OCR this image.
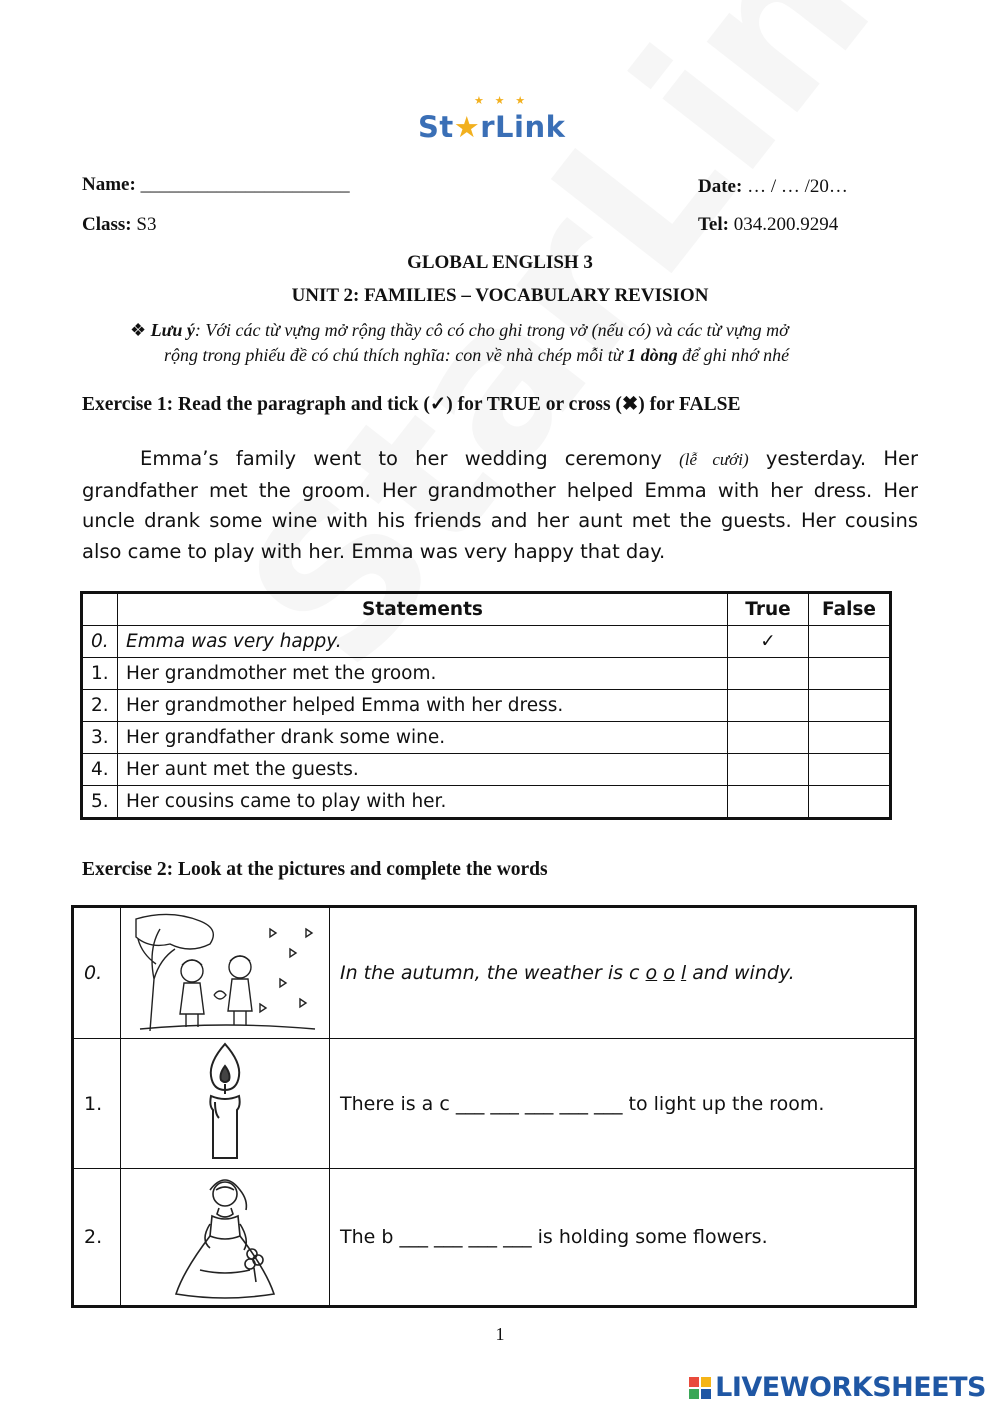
★ ★ ★
St★rLink
Name: ______________________	Date: … / … /20…
Class: S3	Tel: 034.200.9294
GLOBAL ENGLISH 3
UNIT 2: FAMILIES – VOCABULARY REVISION
❖ Lưu ý: Với các từ vựng mở rộng thầy cô có cho ghi trong vở (nếu có) và các từ vựng mở
rộng trong phiếu đề có chú thích nghĩa: con về nhà chép mỗi từ 1 dòng để ghi nhớ nhé
Exercise 1: Read the paragraph and tick (✓) for TRUE or cross (✖) for FALSE
Emma’s family went to her wedding ceremony (lễ cưới) yesterday. Her grandfather met the groom. Her grandmother helped Emma with her dress. Her uncle drank some wine with his friends and her aunt met the guests. Her cousins also came to play with her. Emma was very happy that day.
	Statements	True	False
0.	Emma was very happy.	✓	
1.	Her grandmother met the groom.		
2.	Her grandmother helped Emma with her dress.		
3.	Her grandfather drank some wine.		
4.	Her aunt met the guests.		
5.	Her cousins came to play with her.		
Exercise 2: Look at the pictures and complete the words
0.		In the autumn, the weather is c o o l and windy.
1.		There is a c ___ ___ ___ ___ ___ to light up the room.
2.		The b ___ ___ ___ ___ is holding some flowers.
1
LIVEWORKSHEETS
